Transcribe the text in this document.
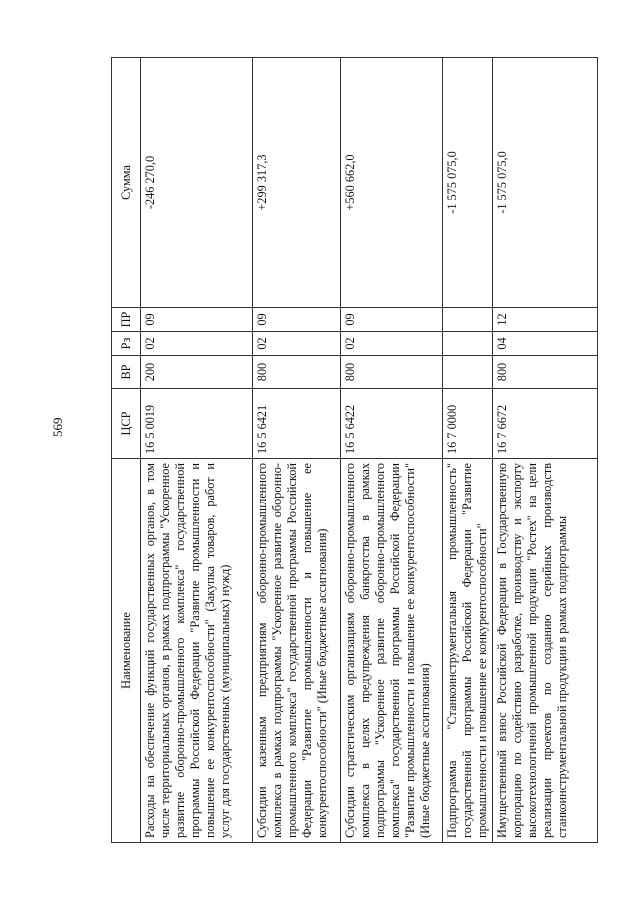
569
Наименование	ЦСР	ВР	Рз	ПР	Сумма
Расходы на обеспечение функций государственных органов, в том числе территориальных органов, в рамках подпрограммы "Ускоренное развитие оборонно-промышленного комплекса" государственной программы Российской Федерации "Развитие промышленности и повышение ее конкурентоспособности" (Закупка товаров, работ и услуг для государственных (муниципальных) нужд)	16 5 0019	200	02	09	-246 270,0
Субсидии казенным предприятиям оборонно-промышленного комплекса в рамках подпрограммы "Ускоренное развитие оборонно-промышленного комплекса" государственной программы Российской Федерации "Развитие промышленности и повышение ее конкурентоспособности" (Иные бюджетные ассигнования)	16 5 6421	800	02	09	+299 317,3
Субсидии стратегическим организациям оборонно-промышленного комплекса в целях предупреждения банкротства в рамках подпрограммы "Ускоренное развитие оборонно-промышленного комплекса" государственной программы Российской Федерации "Развитие промышленности и повышение ее конкурентоспособности" (Иные бюджетные ассигнования)	16 5 6422	800	02	09	+560 662,0
Подпрограмма "Станкоинструментальная промышленность" государственной программы Российской Федерации "Развитие промышленности и повышение ее конкурентоспособности"	16 7 0000				-1 575 075,0
Имущественный взнос Российской Федерации в Государственную корпорацию по содействию разработке, производству и экспорту высокотехнологичной промышленной продукции "Ростех" на цели реализации проектов по созданию серийных производств станкоинструментальной продукции в рамках подпрограммы	16 7 6672	800	04	12	-1 575 075,0
